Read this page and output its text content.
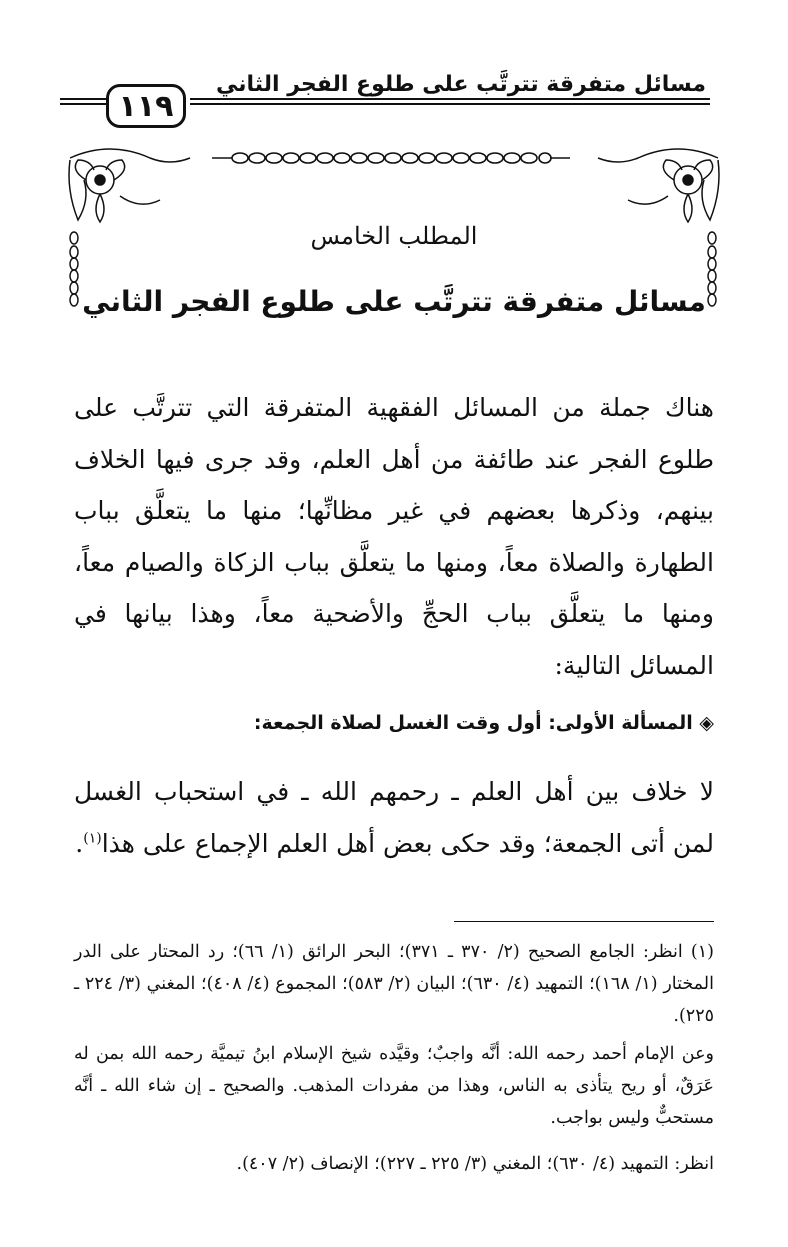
مسائل متفرقة تترتَّب على طلوع الفجر الثاني
١١٩
المطلب الخامس
مسائل متفرقة تترتَّب على طلوع الفجر الثاني
هناك جملة من المسائل الفقهية المتفرقة التي تترتَّب على طلوع الفجر عند طائفة من أهل العلم، وقد جرى فيها الخلاف بينهم، وذكرها بعضهم في غير مظانِّها؛ منها ما يتعلَّق بباب الطهارة والصلاة معاً، ومنها ما يتعلَّق بباب الزكاة والصيام معاً، ومنها ما يتعلَّق بباب الحجِّ والأضحية معاً، وهذا بيانها في المسائل التالية:
◈ المسألة الأولى: أول وقت الغسل لصلاة الجمعة:
لا خلاف بين أهل العلم ـ رحمهم الله ـ في استحباب الغسل لمن أتى الجمعة؛ وقد حكى بعض أهل العلم الإجماع على هذا$^{(١)}$.
(١) انظر: الجامع الصحيح (٢/ ٣٧٠ ـ ٣٧١)؛ البحر الرائق (١/ ٦٦)؛ رد المحتار على الدر المختار (١/ ١٦٨)؛ التمهيد (٤/ ٦٣٠)؛ البيان (٢/ ٥٨٣)؛ المجموع (٤/ ٤٠٨)؛ المغني (٣/ ٢٢٤ ـ ٢٢٥).
وعن الإمام أحمد رحمه الله: أنَّه واجبٌ؛ وقيَّده شيخ الإسلام ابنُ تيميَّة رحمه الله بمن له عَرَقٌ، أو ريح يتأذى به الناس، وهذا من مفردات المذهب. والصحيح ـ إن شاء الله ـ أنَّه مستحبٌّ وليس بواجب.
انظر: التمهيد (٤/ ٦٣٠)؛ المغني (٣/ ٢٢٥ ـ ٢٢٧)؛ الإنصاف (٢/ ٤٠٧).
